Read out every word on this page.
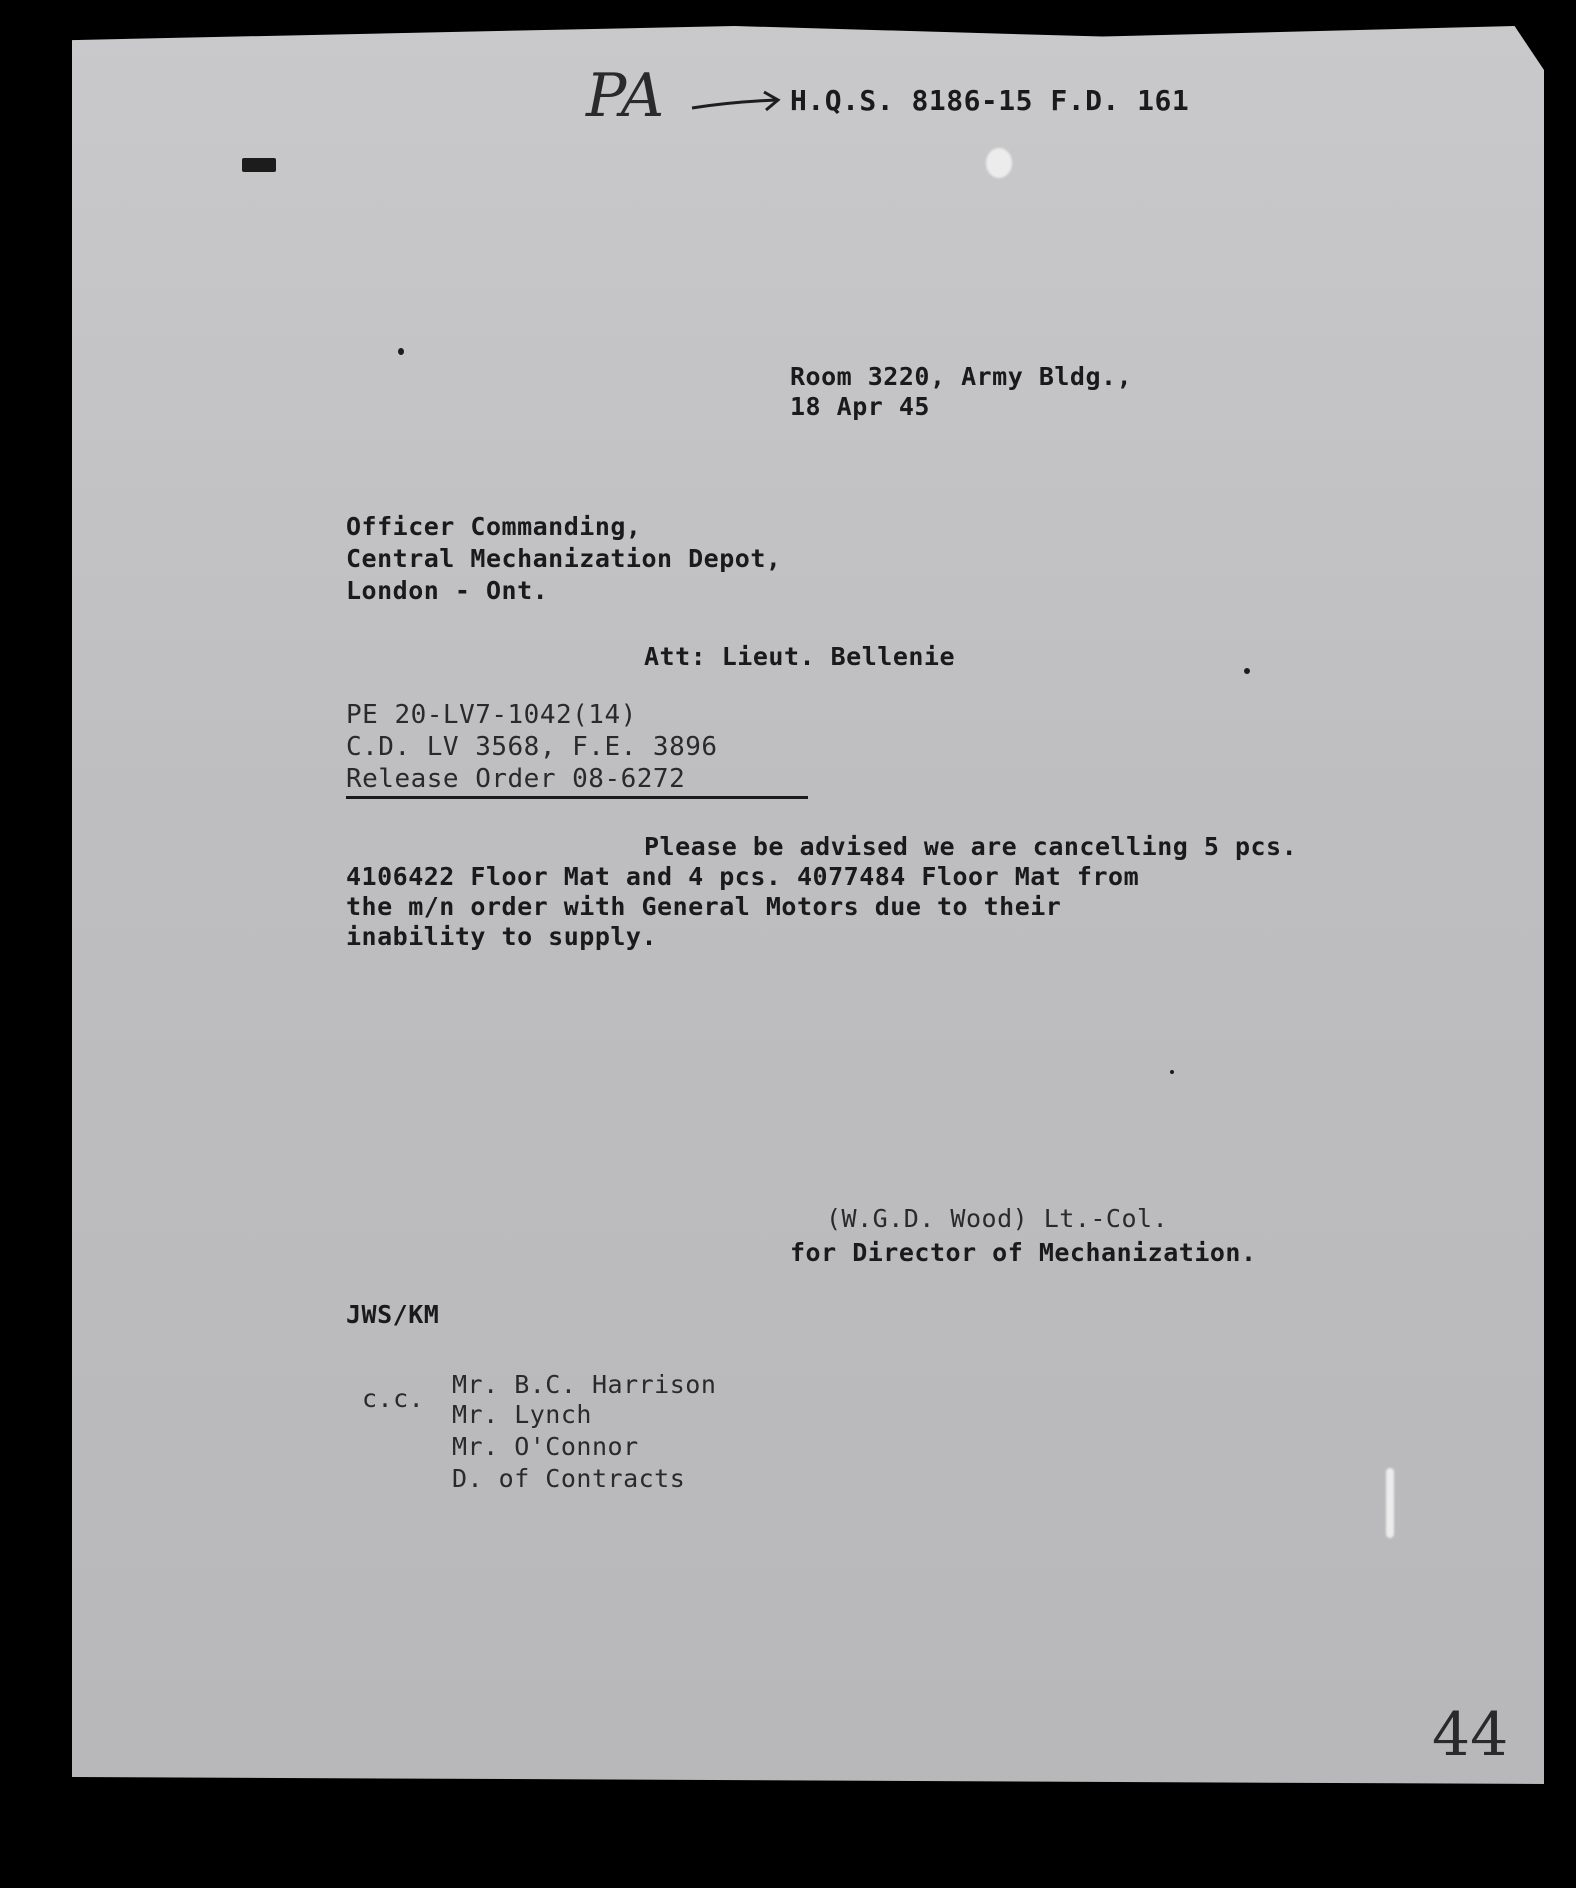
PA	H.Q.S. 8186-15 F.D. 161
Room 3220, Army Bldg.,
18 Apr 45
Officer Commanding,
Central Mechanization Depot,
London - Ont.
Att: Lieut. Bellenie
PE 20-LV7-1042(14)
C.D. LV 3568, F.E. 3896
Release Order 08-6272
Please be advised we are cancelling 5 pcs.
4106422 Floor Mat and 4 pcs. 4077484 Floor Mat from
the m/n order with General Motors due to their
inability to supply.
(W.G.D. Wood) Lt.-Col.
for Director of Mechanization.
JWS/KM
c.c. Mr. B.C. Harrison
Mr. Lynch
Mr. O'Connor
D. of Contracts
44
